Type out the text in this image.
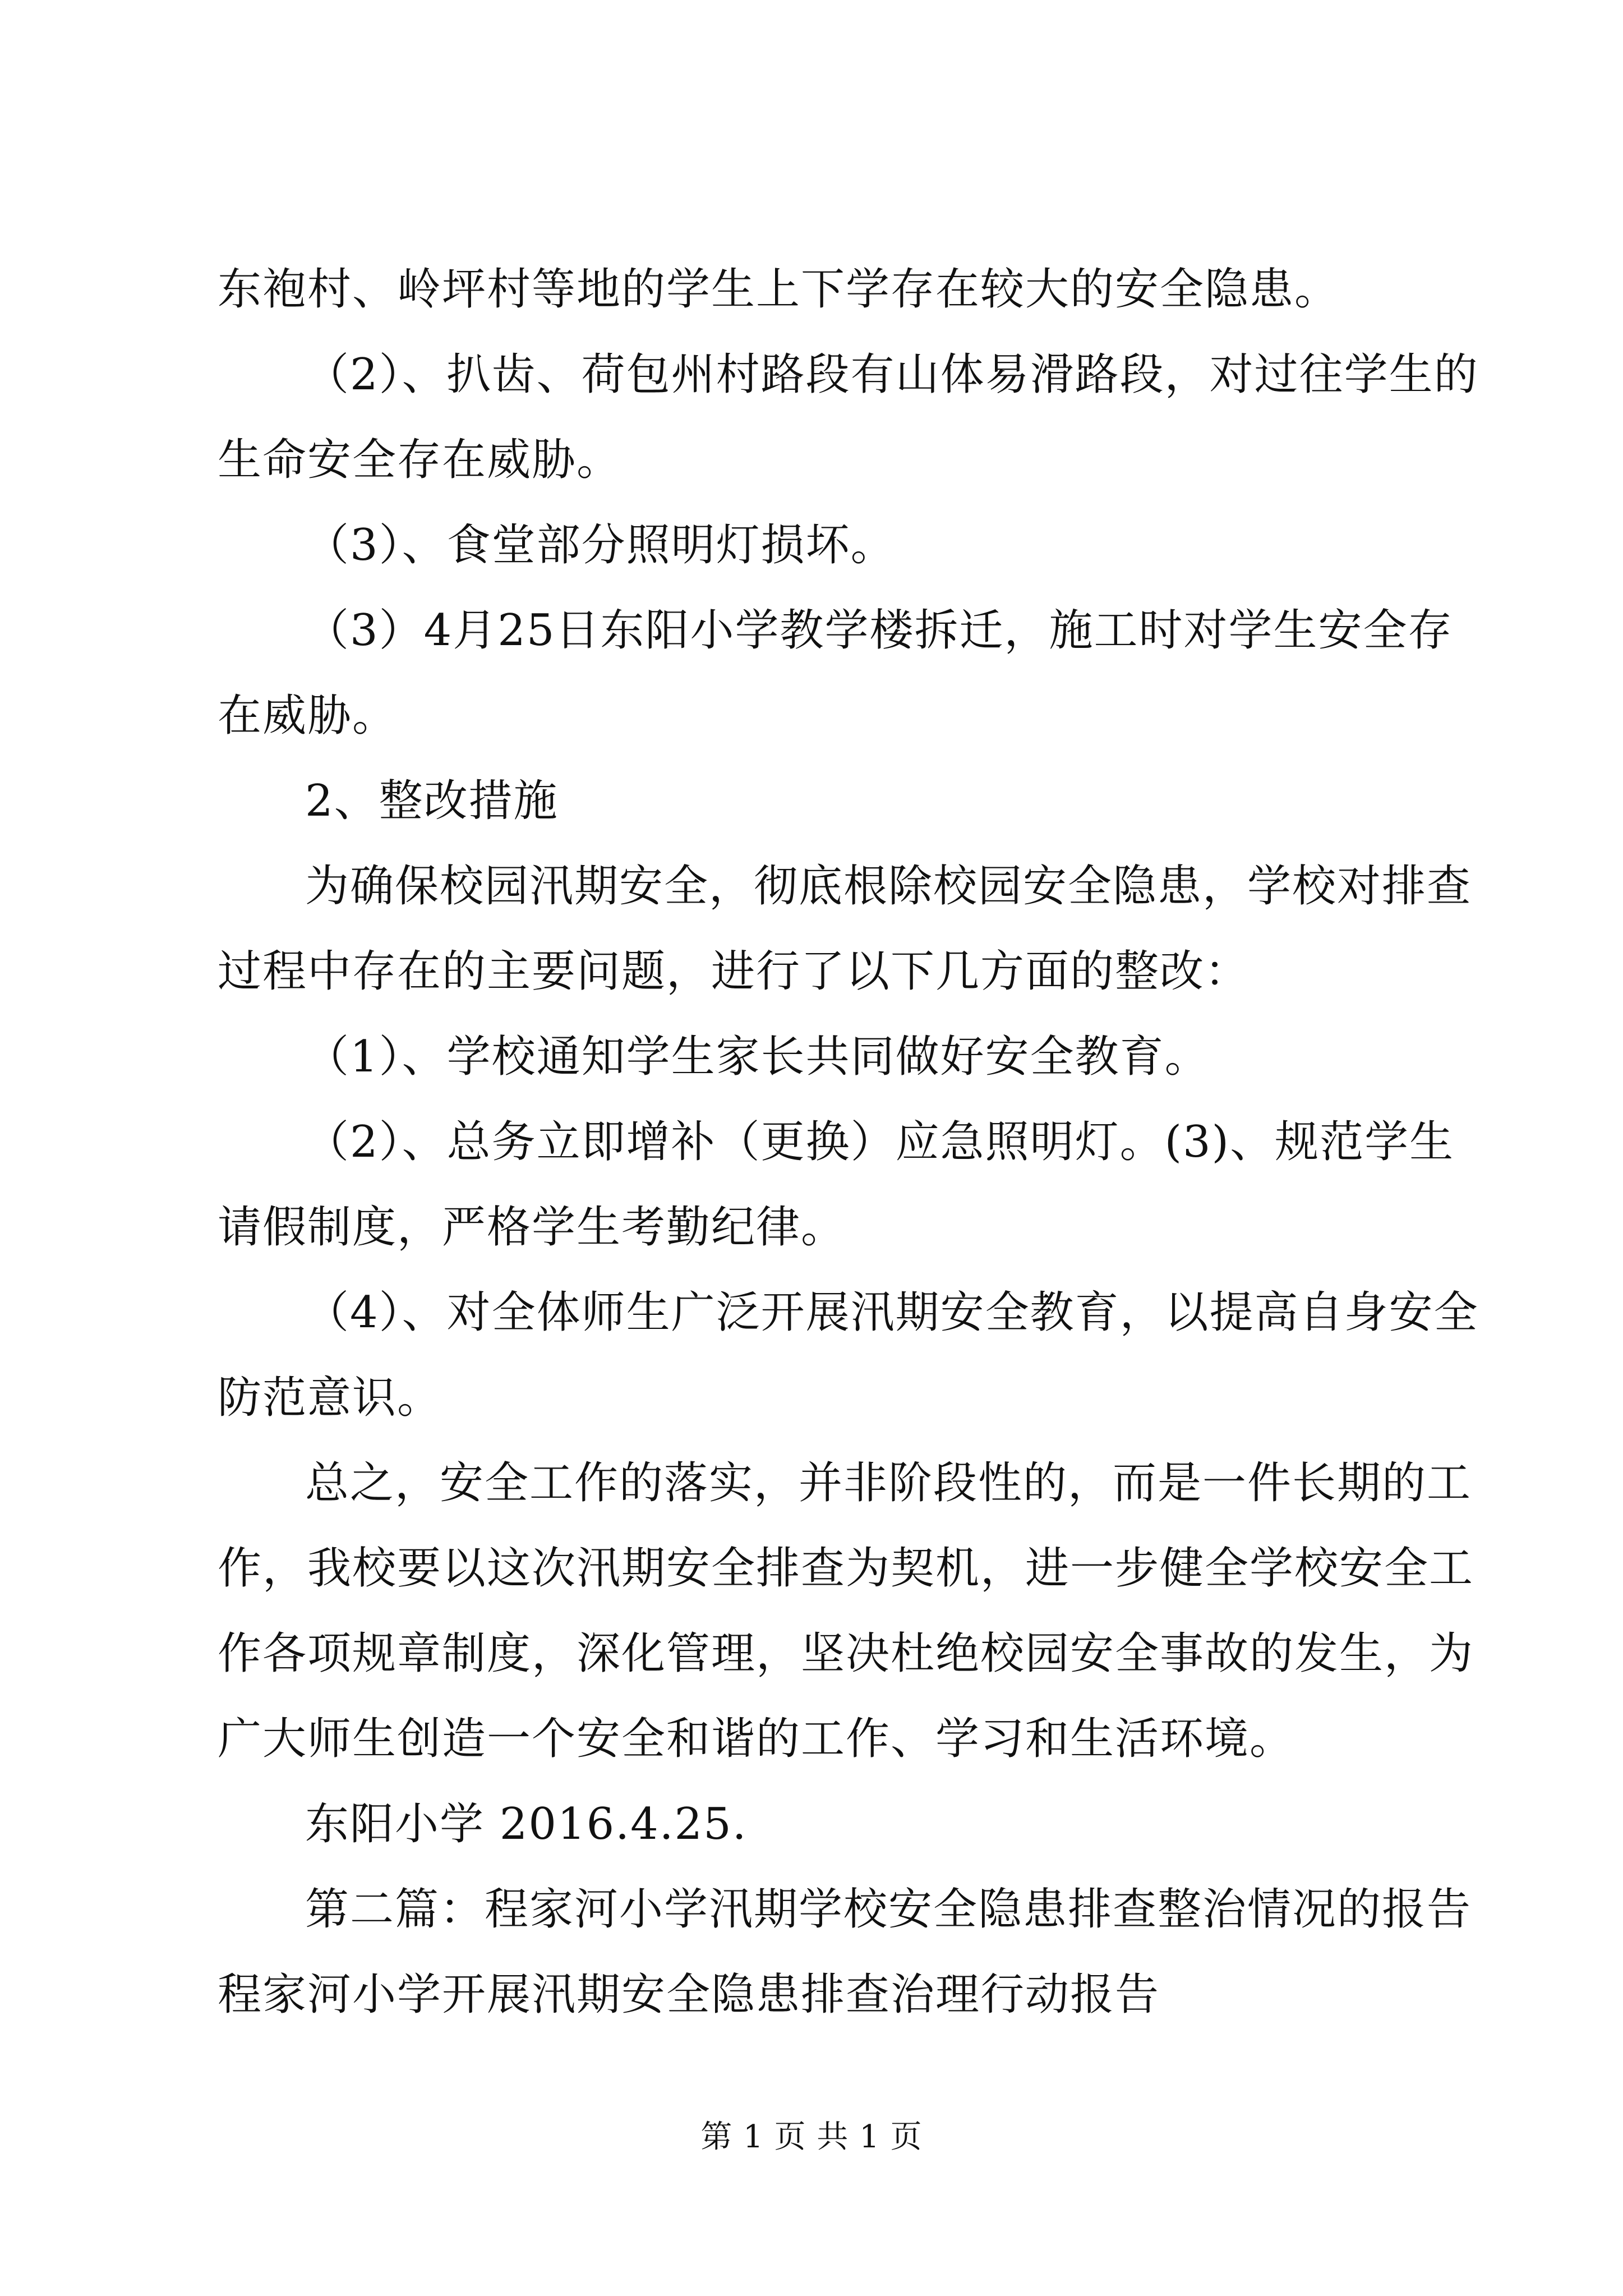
东袍村、岭坪村等地的学生上下学存在较大的安全隐患。
（2）、扒齿、荷包州村路段有山体易滑路段，对过往学生的
生命安全存在威胁。
（3）、食堂部分照明灯损坏。
（3）4月25日东阳小学教学楼拆迁，施工时对学生安全存
在威胁。
2、整改措施
为确保校园汛期安全，彻底根除校园安全隐患，学校对排查
过程中存在的主要问题，进行了以下几方面的整改：
（1）、学校通知学生家长共同做好安全教育。
（2）、总务立即增补（更换）应急照明灯。(3)、规范学生
请假制度，严格学生考勤纪律。
（4）、对全体师生广泛开展汛期安全教育，以提高自身安全
防范意识。
总之，安全工作的落实，并非阶段性的，而是一件长期的工
作，我校要以这次汛期安全排查为契机，进一步健全学校安全工
作各项规章制度，深化管理，坚决杜绝校园安全事故的发生，为
广大师生创造一个安全和谐的工作、学习和生活环境。
东阳小学 2016.4.25.
第二篇：程家河小学汛期学校安全隐患排查整治情况的报告
程家河小学开展汛期安全隐患排查治理行动报告
第 1 页 共 1 页
